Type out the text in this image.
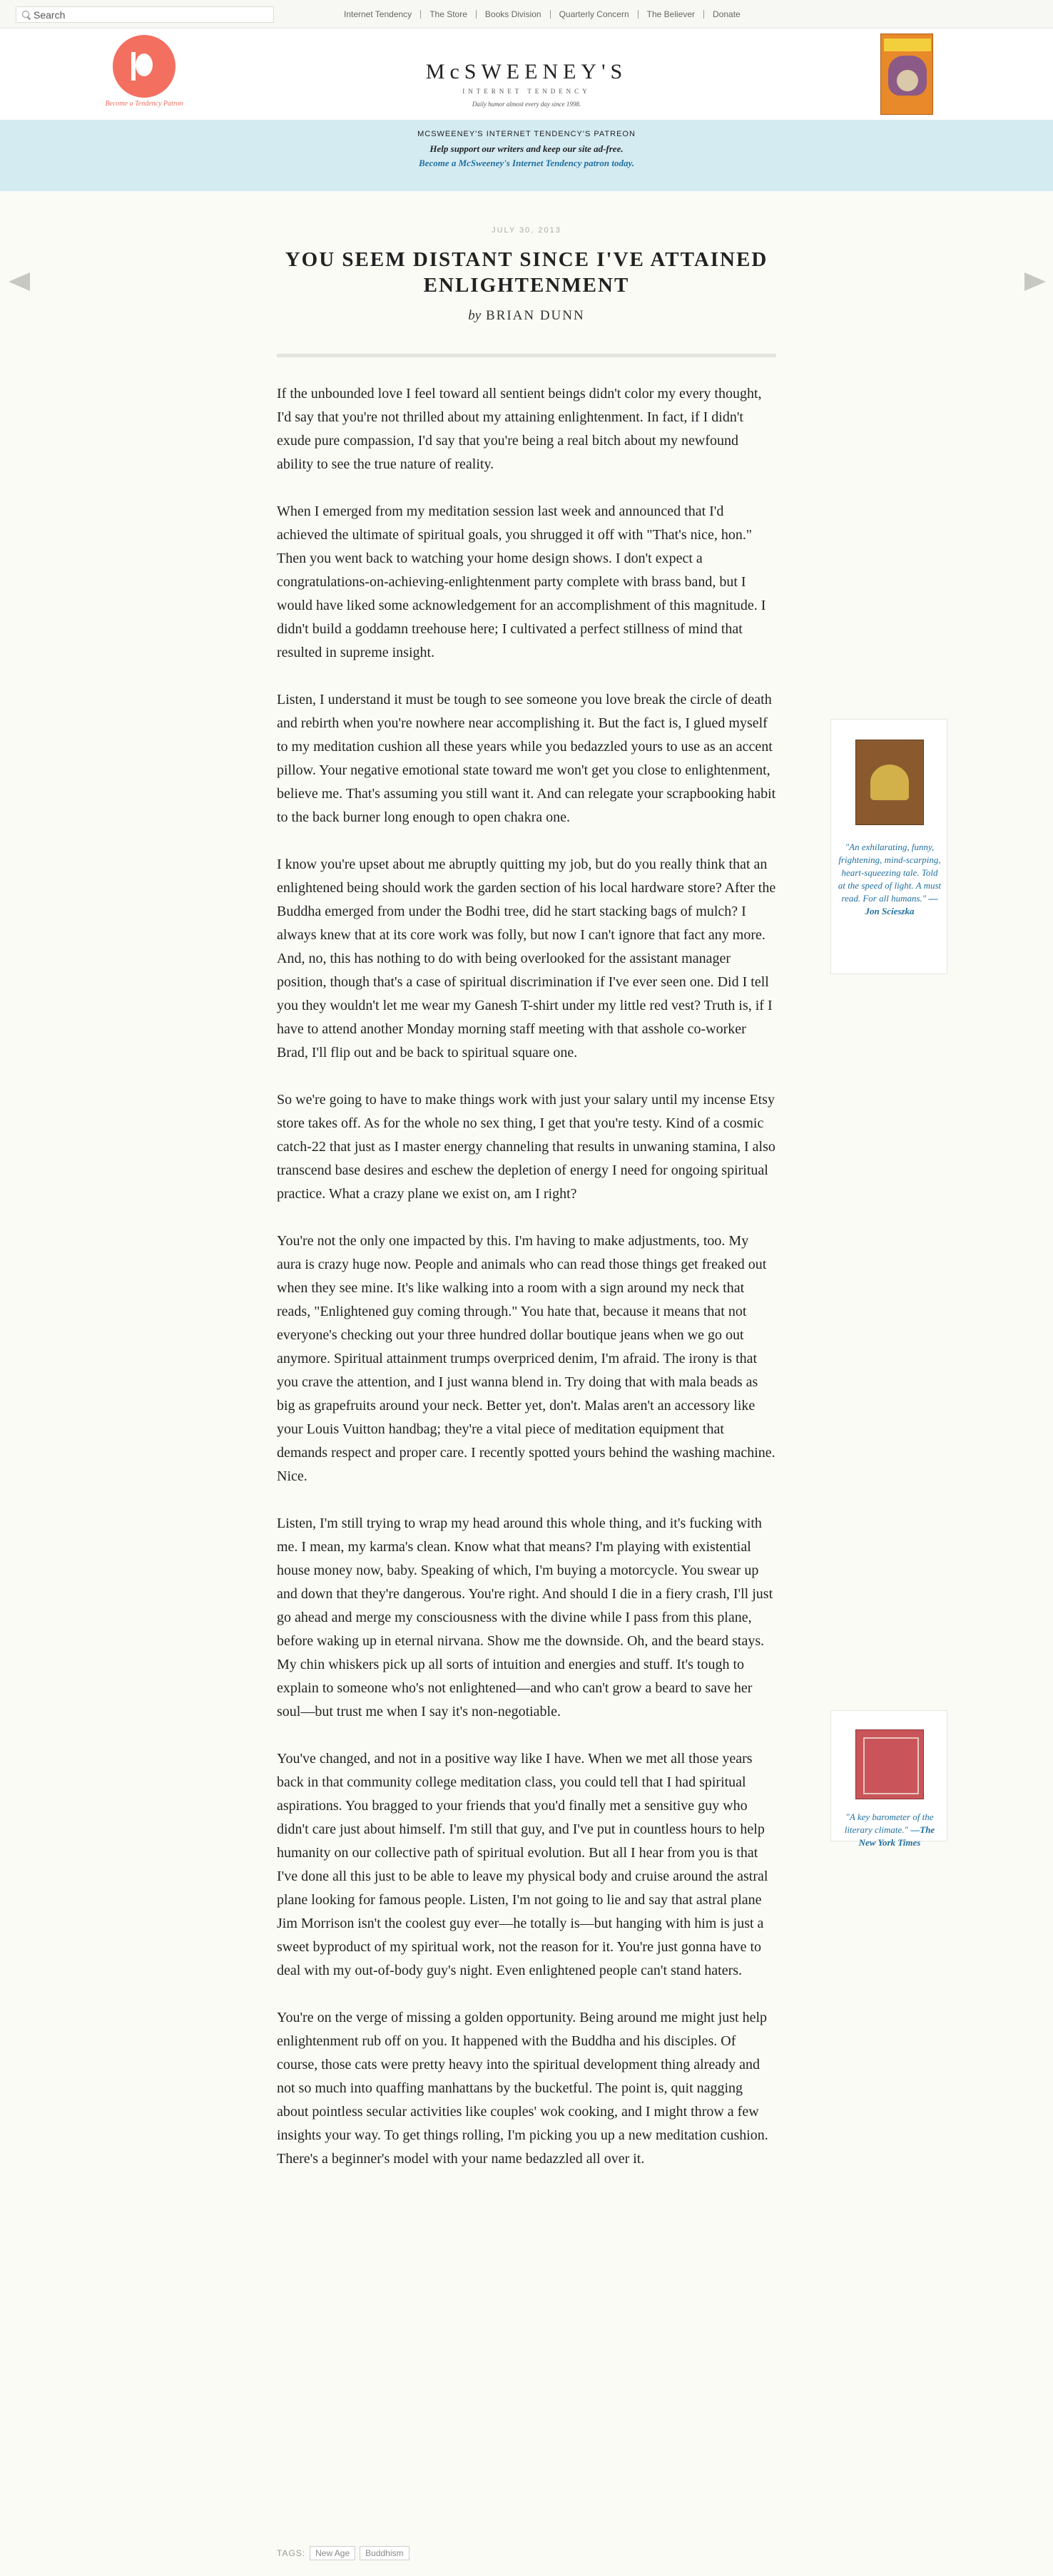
Search
Internet Tendency	The Store	Books Division	Quarterly Concern	The Believer	Donate
Become a Tendency Patron
McSWEENEY'S
INTERNET TENDENCY
Daily humor almost every day since 1998.
MCSWEENEY'S INTERNET TENDENCY'S PATREON
Help support our writers and keep our site ad-free.
Become a McSweeney's Internet Tendency patron today.
JULY 30, 2013
YOU SEEM DISTANT SINCE I'VE ATTAINED ENLIGHTENMENT
by BRIAN DUNN

If the unbounded love I feel toward all sentient beings didn't color my every thought, I'd say that you're not thrilled about my attaining enlightenment. In fact, if I didn't exude pure compassion, I'd say that you're being a real bitch about my newfound ability to see the true nature of reality.

When I emerged from my meditation session last week and announced that I'd achieved the ultimate of spiritual goals, you shrugged it off with "That's nice, hon." Then you went back to watching your home design shows. I don't expect a congratulations-on-achieving-enlightenment party complete with brass band, but I would have liked some acknowledgement for an accomplishment of this magnitude. I didn't build a goddamn treehouse here; I cultivated a perfect stillness of mind that resulted in supreme insight.

Listen, I understand it must be tough to see someone you love break the circle of death and rebirth when you're nowhere near accomplishing it. But the fact is, I glued myself to my meditation cushion all these years while you bedazzled yours to use as an accent pillow. Your negative emotional state toward me won't get you close to enlightenment, believe me. That's assuming you still want it. And can relegate your scrapbooking habit to the back burner long enough to open chakra one.

I know you're upset about me abruptly quitting my job, but do you really think that an enlightened being should work the garden section of his local hardware store? After the Buddha emerged from under the Bodhi tree, did he start stacking bags of mulch? I always knew that at its core work was folly, but now I can't ignore that fact any more. And, no, this has nothing to do with being overlooked for the assistant manager position, though that's a case of spiritual discrimination if I've ever seen one. Did I tell you they wouldn't let me wear my Ganesh T-shirt under my little red vest? Truth is, if I have to attend another Monday morning staff meeting with that asshole co-worker Brad, I'll flip out and be back to spiritual square one.

So we're going to have to make things work with just your salary until my incense Etsy store takes off. As for the whole no sex thing, I get that you're testy. Kind of a cosmic catch-22 that just as I master energy channeling that results in unwaning stamina, I also transcend base desires and eschew the depletion of energy I need for ongoing spiritual practice. What a crazy plane we exist on, am I right?

You're not the only one impacted by this. I'm having to make adjustments, too. My aura is crazy huge now. People and animals who can read those things get freaked out when they see mine. It's like walking into a room with a sign around my neck that reads, "Enlightened guy coming through." You hate that, because it means that not everyone's checking out your three hundred dollar boutique jeans when we go out anymore. Spiritual attainment trumps overpriced denim, I'm afraid. The irony is that you crave the attention, and I just wanna blend in. Try doing that with mala beads as big as grapefruits around your neck. Better yet, don't. Malas aren't an accessory like your Louis Vuitton handbag; they're a vital piece of meditation equipment that demands respect and proper care. I recently spotted yours behind the washing machine. Nice.

Listen, I'm still trying to wrap my head around this whole thing, and it's fucking with me. I mean, my karma's clean. Know what that means? I'm playing with existential house money now, baby. Speaking of which, I'm buying a motorcycle. You swear up and down that they're dangerous. You're right. And should I die in a fiery crash, I'll just go ahead and merge my consciousness with the divine while I pass from this plane, before waking up in eternal nirvana. Show me the downside. Oh, and the beard stays. My chin whiskers pick up all sorts of intuition and energies and stuff. It's tough to explain to someone who's not enlightened—and who can't grow a beard to save her soul—but trust me when I say it's non-negotiable.

You've changed, and not in a positive way like I have. When we met all those years back in that community college meditation class, you could tell that I had spiritual aspirations. You bragged to your friends that you'd finally met a sensitive guy who didn't care just about himself. I'm still that guy, and I've put in countless hours to help humanity on our collective path of spiritual evolution. But all I hear from you is that I've done all this just to be able to leave my physical body and cruise around the astral plane looking for famous people. Listen, I'm not going to lie and say that astral plane Jim Morrison isn't the coolest guy ever—he totally is—but hanging with him is just a sweet byproduct of my spiritual work, not the reason for it. You're just gonna have to deal with my out-of-body guy's night. Even enlightened people can't stand haters.

You're on the verge of missing a golden opportunity. Being around me might just help enlightenment rub off on you. It happened with the Buddha and his disciples. Of course, those cats were pretty heavy into the spiritual development thing already and not so much into quaffing manhattans by the bucketful. The point is, quit nagging about pointless secular activities like couples' wok cooking, and I might throw a few insights your way. To get things rolling, I'm picking you up a new meditation cushion. There's a beginner's model with your name bedazzled all over it.

"An exhilarating, funny, frightening, mind-scarping, heart-squeezing tale. Told at the speed of light. A must read. For all humans." —Jon Scieszka
"A key barometer of the literary climate." —The New York Times
TAGS:	New Age	Buddhism
